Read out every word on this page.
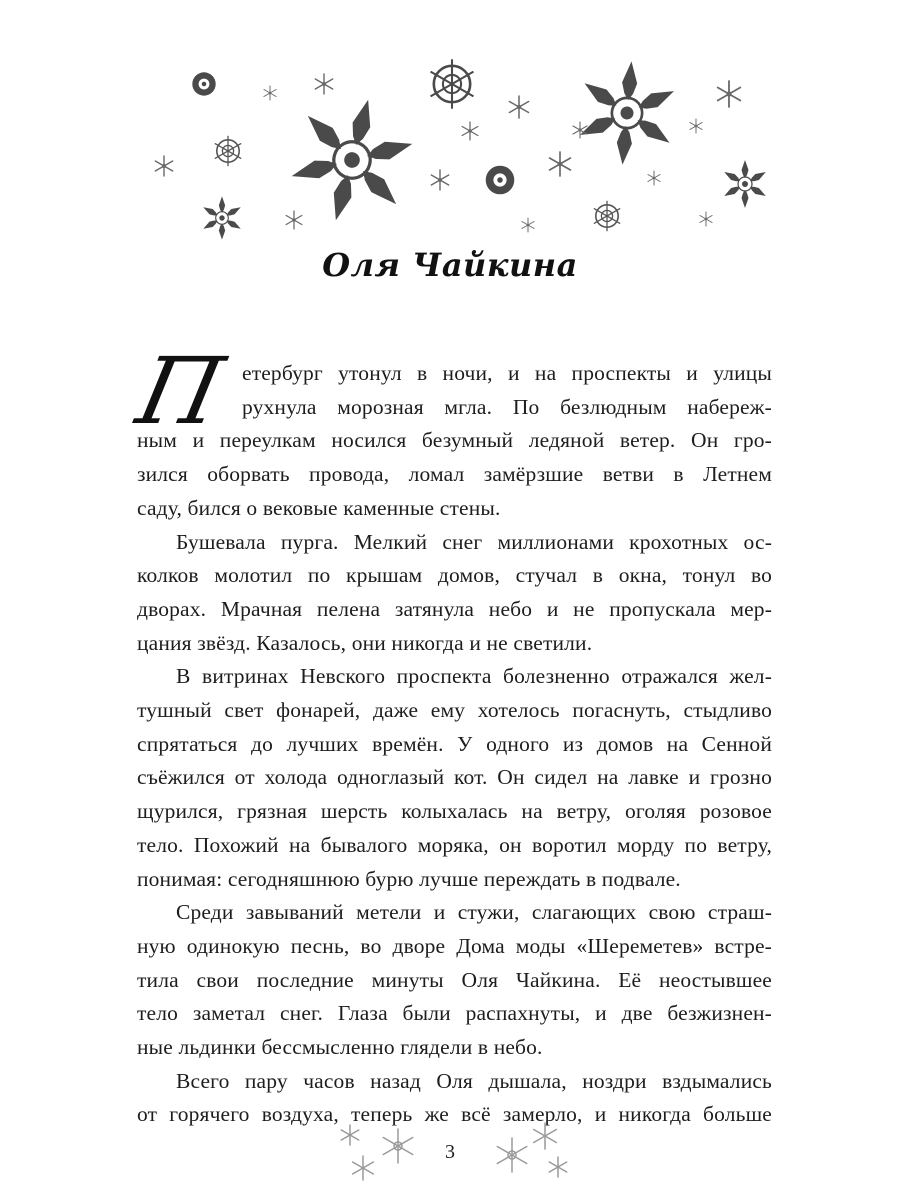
Оля Чайкина
П етербург утонул в ночи, и на проспекты и улицы
рухнула морозная мгла. По безлюдным набереж-
ным и переулкам носился безумный ледяной ветер. Он гро-
зился оборвать провода, ломал замёрзшие ветви в Летнем
саду, бился о вековые каменные стены.
Бушевала пурга. Мелкий снег миллионами крохотных ос-
колков молотил по крышам домов, стучал в окна, тонул во
дворах. Мрачная пелена затянула небо и не пропускала мер-
цания звёзд. Казалось, они никогда и не светили.
В витринах Невского проспекта болезненно отражался жел-
тушный свет фонарей, даже ему хотелось погаснуть, стыдливо
спрятаться до лучших времён. У одного из домов на Сенной
съёжился от холода одноглазый кот. Он сидел на лавке и грозно
щурился, грязная шерсть колыхалась на ветру, оголяя розовое
тело. Похожий на бывалого моряка, он воротил морду по ветру,
понимая: сегодняшнюю бурю лучше переждать в подвале.
Среди завываний метели и стужи, слагающих свою страш-
ную одинокую песнь, во дворе Дома моды «Шереметев» встре-
тила свои последние минуты Оля Чайкина. Её неостывшее
тело заметал снег. Глаза были распахнуты, и две безжизнен-
ные льдинки бессмысленно глядели в небо.
Всего пару часов назад Оля дышала, ноздри вздымались
от горячего воздуха, теперь же всё замерло, и никогда больше
3
